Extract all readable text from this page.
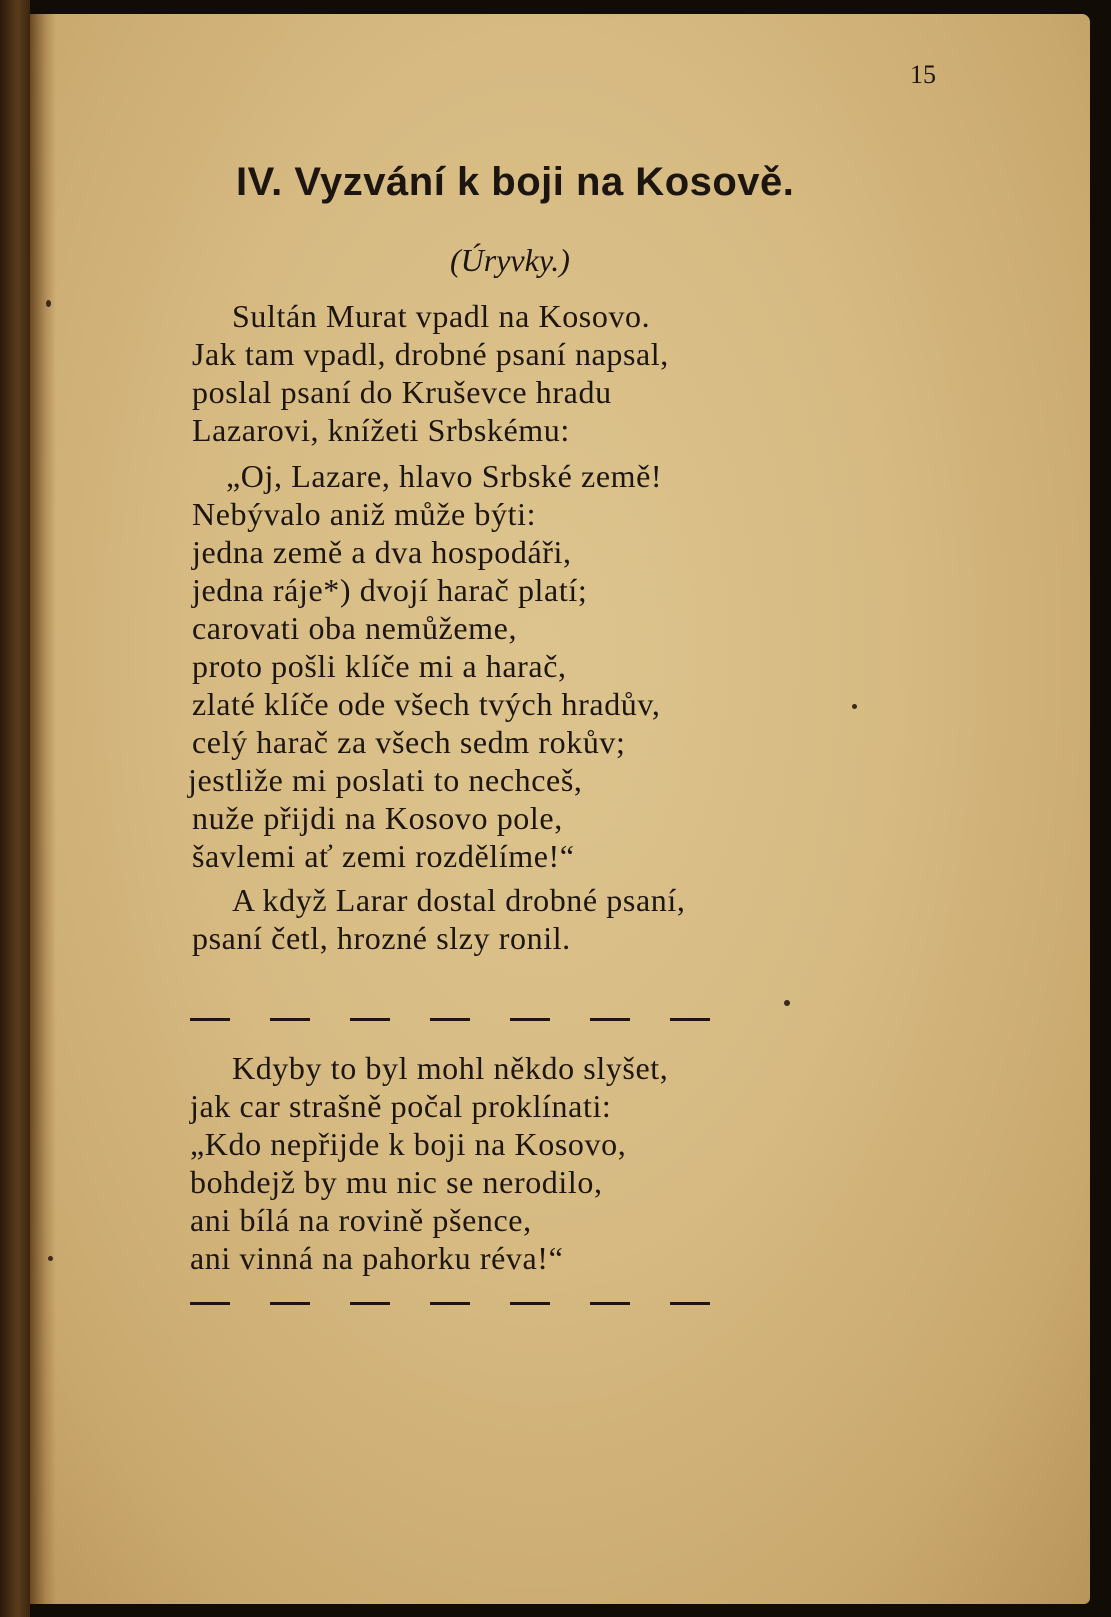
15
IV. Vyzvání k boji na Kosově.
(Úryvky.)
Sultán Murat vpadl na Kosovo.
Jak tam vpadl, drobné psaní napsal,
poslal psaní do Kruševce hradu
Lazarovi, knížeti Srbskému:
„Oj, Lazare, hlavo Srbské země!
Nebývalo aniž může býti:
jedna země a dva hospodáři,
jedna ráje*) dvojí harač platí;
carovati oba nemůžeme,
proto pošli klíče mi a harač,
zlaté klíče ode všech tvých hradův,
celý harač za všech sedm rokův;
jestliže mi poslati to nechceš,
nuže přijdi na Kosovo pole,
šavlemi ať zemi rozdělíme!“
A když Larar dostal drobné psaní,
psaní četl, hrozné slzy ronil.
Kdyby to byl mohl někdo slyšet,
jak car strašně počal proklínati:
„Kdo nepřijde k boji na Kosovo,
bohdejž by mu nic se nerodilo,
ani bílá na rovině pšence,
ani vinná na pahorku réva!“
